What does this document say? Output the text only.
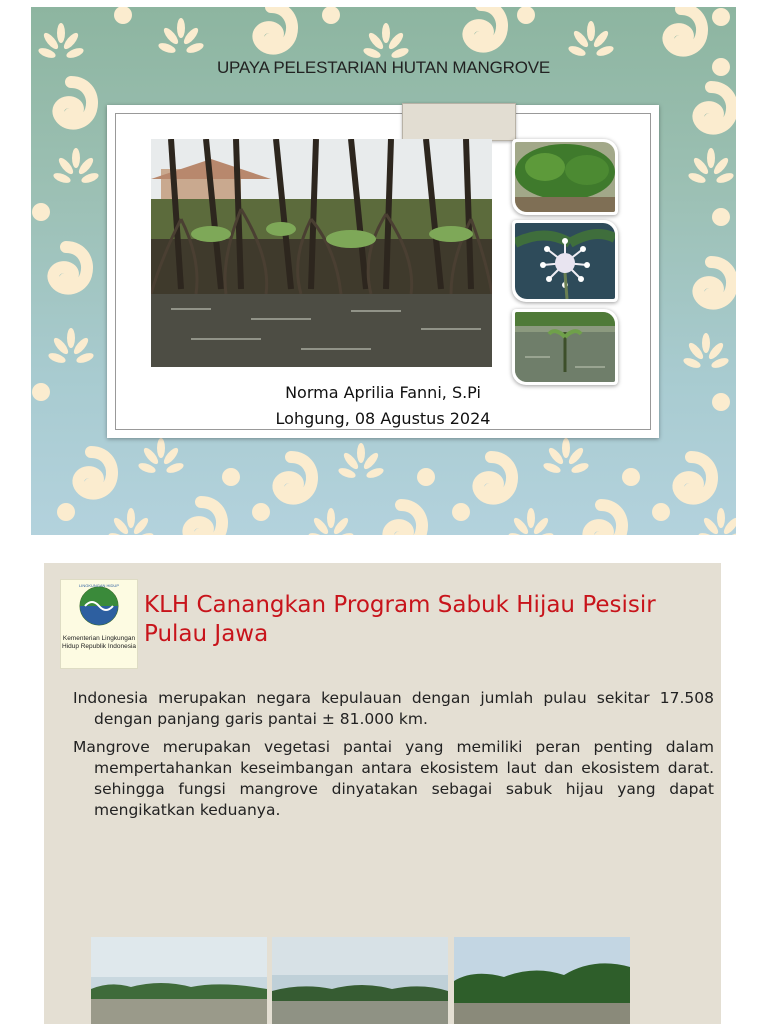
UPAYA PELESTARIAN HUTAN MANGROVE
Norma Aprilia Fanni, S.Pi
Lohgung, 08 Agustus 2024
LINGKUNGAN HIDUP
Kementerian Lingkungan Hidup Republik Indonesia
KLH Canangkan Program Sabuk Hijau Pesisir Pulau Jawa

Indonesia merupakan negara kepulauan dengan jumlah pulau sekitar 17.508 dengan panjang garis pantai ± 81.000 km.

Mangrove merupakan vegetasi pantai yang memiliki peran penting dalam mempertahankan keseimbangan antara ekosistem laut dan ekosistem darat. sehingga fungsi mangrove dinyatakan sebagai sabuk hijau yang dapat mengikatkan keduanya.
